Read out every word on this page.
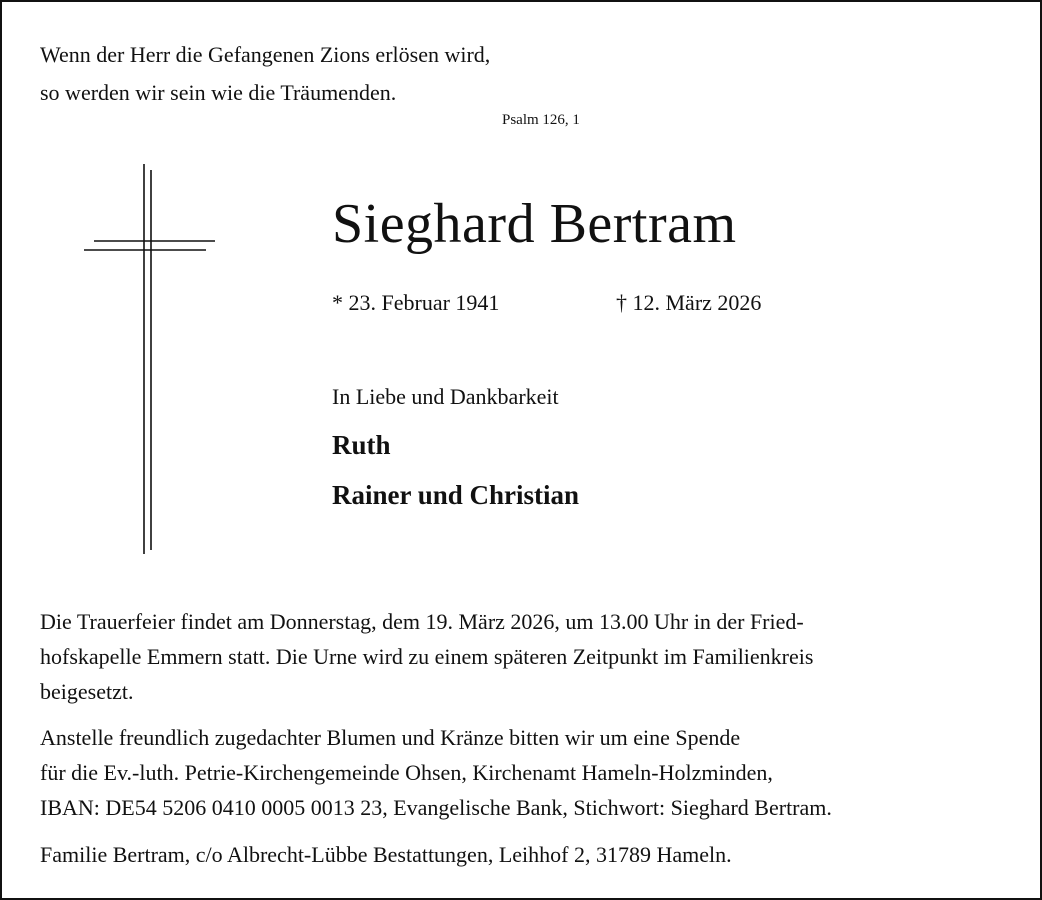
Wenn der Herr die Gefangenen Zions erlösen wird,
so werden wir sein wie die Träumenden.
Psalm 126, 1
Sieghard Bertram
* 23. Februar 1941	† 12. März 2026
In Liebe und Dankbarkeit
Ruth
Rainer und Christian
Die Trauerfeier findet am Donnerstag, dem 19. März 2026, um 13.00 Uhr in der Fried-
hofskapelle Emmern statt. Die Urne wird zu einem späteren Zeitpunkt im Familienkreis
beigesetzt.
Anstelle freundlich zugedachter Blumen und Kränze bitten wir um eine Spende
für die Ev.-luth. Petrie-Kirchengemeinde Ohsen, Kirchenamt Hameln-Holzminden,
IBAN: DE54 5206 0410 0005 0013 23, Evangelische Bank, Stichwort: Sieghard Bertram.
Familie Bertram, c/o Albrecht-Lübbe Bestattungen, Leihhof 2, 31789 Hameln.
